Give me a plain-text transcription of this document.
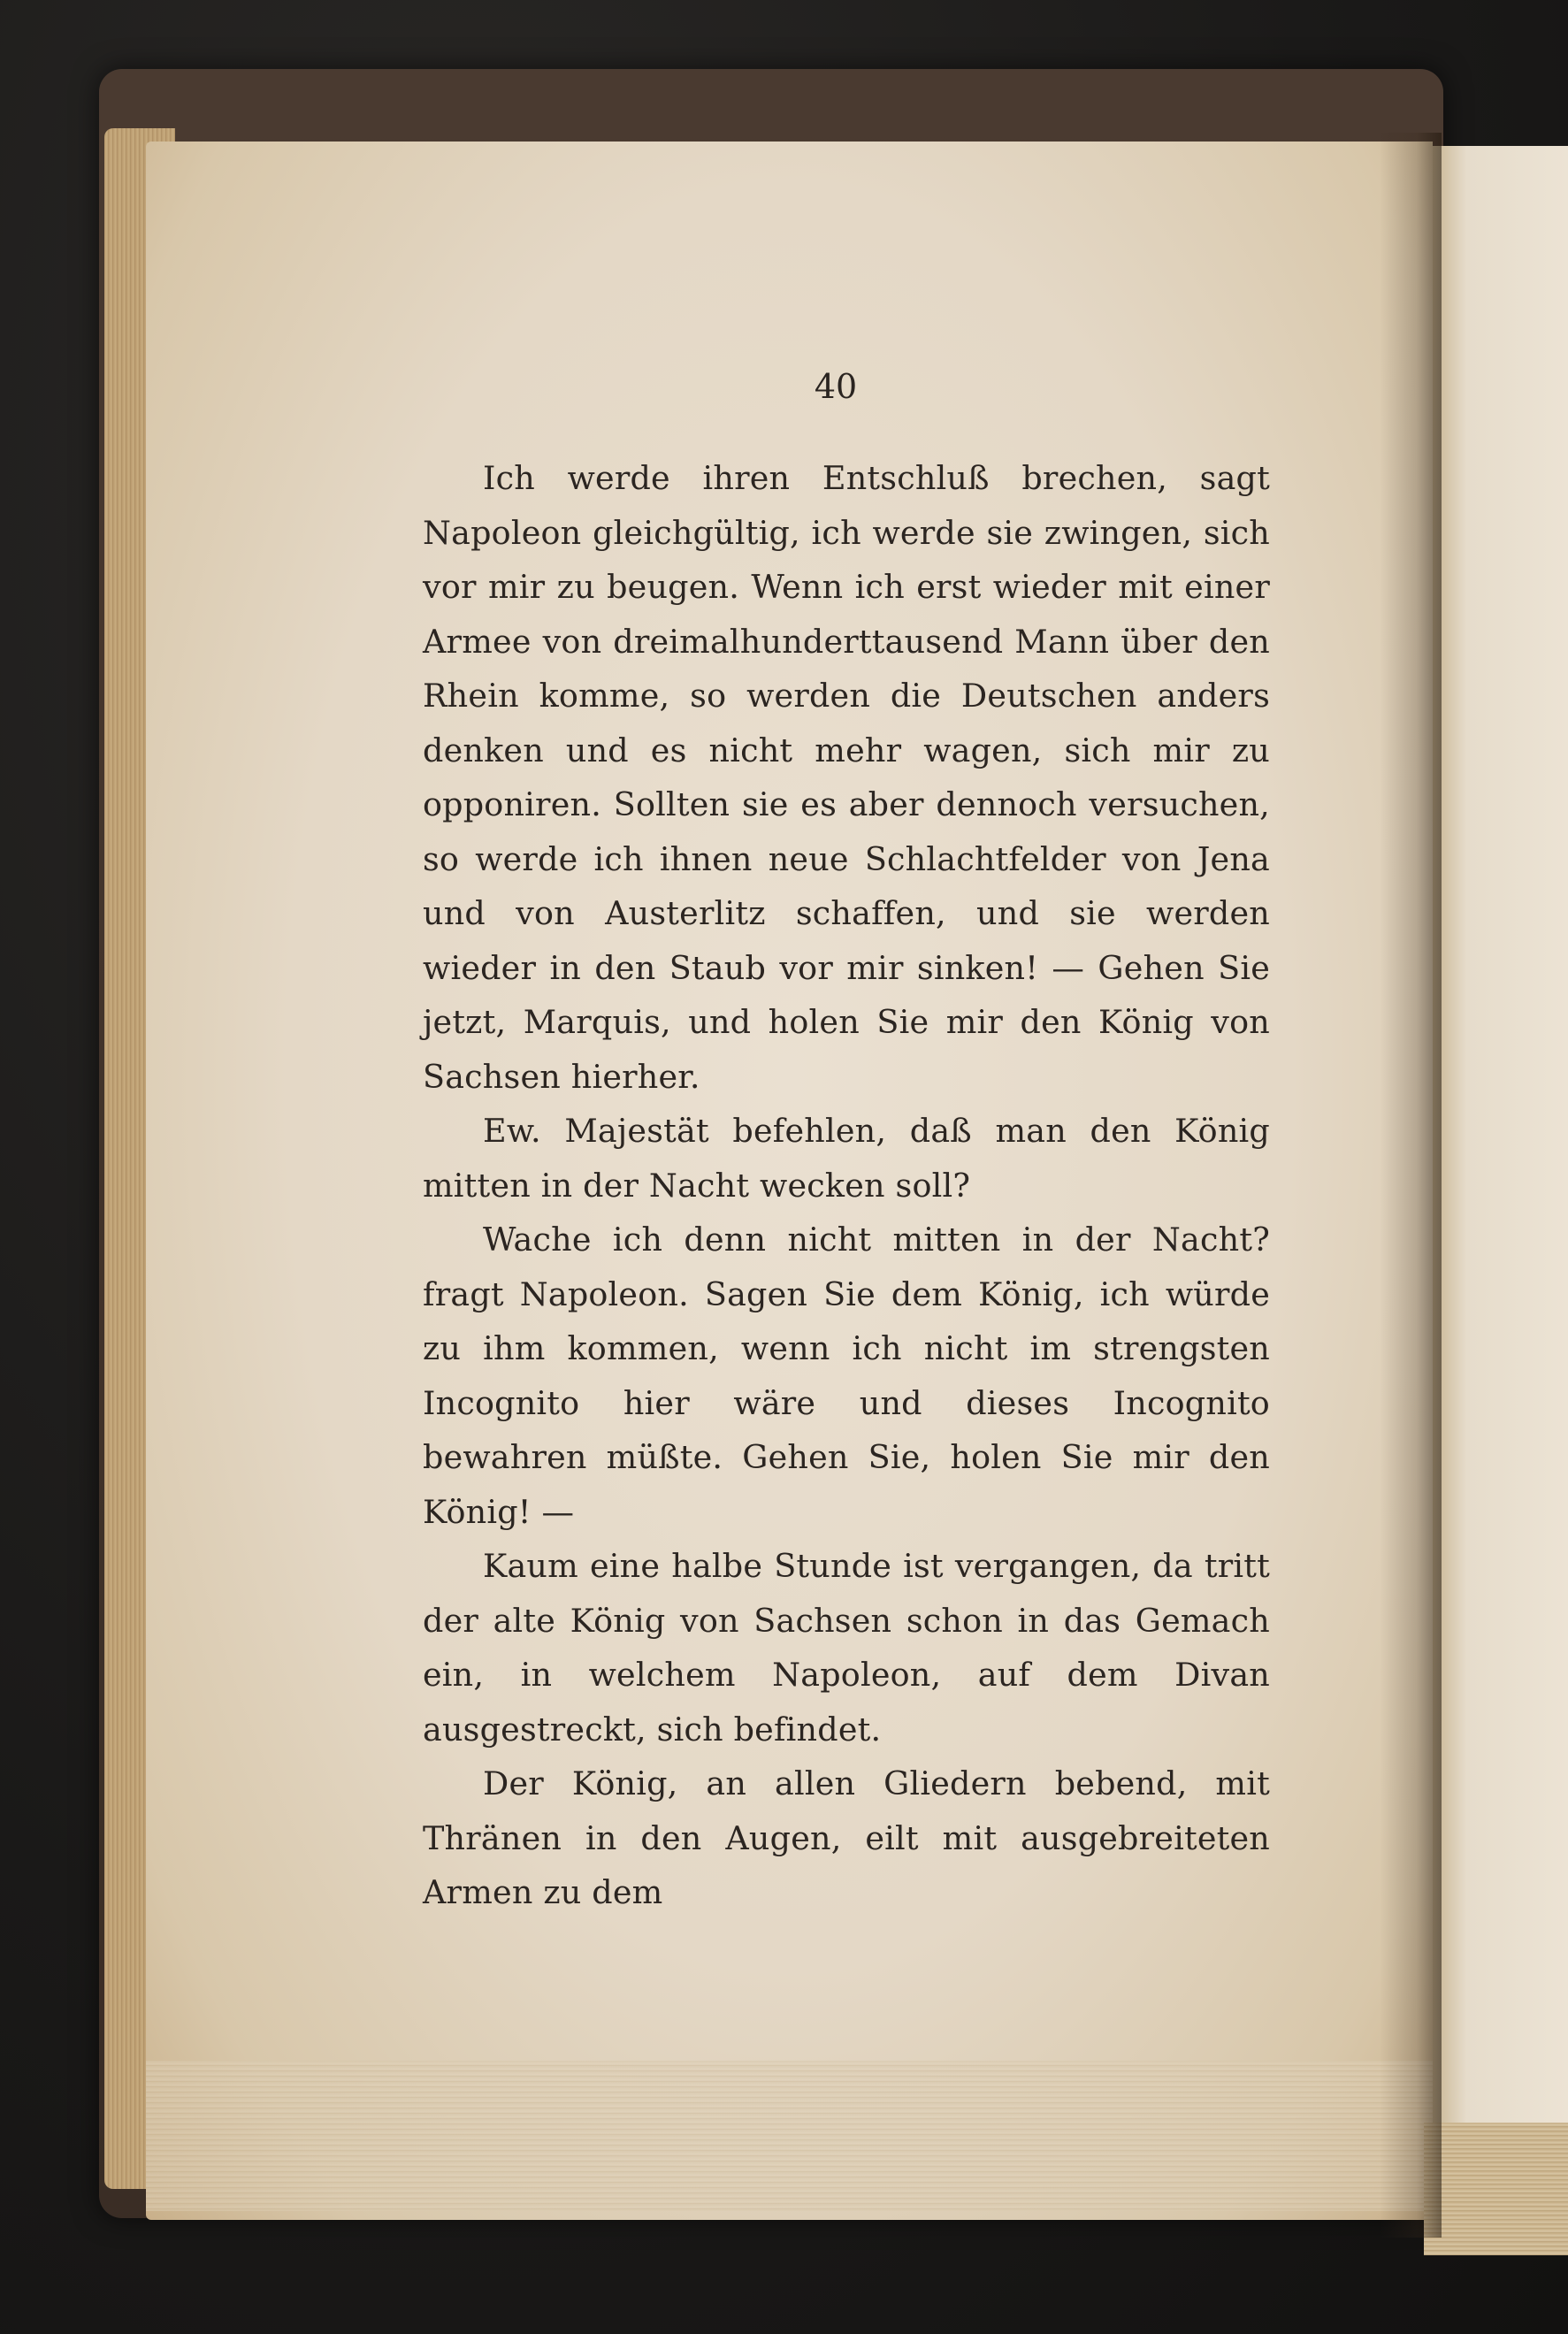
40

Ich werde ihren Entschluß brechen, sagt Napoleon gleichgültig, ich werde sie zwingen, sich vor mir zu beugen. Wenn ich erst wieder mit einer Armee von dreimalhunderttausend Mann über den Rhein komme, so werden die Deutschen anders denken und es nicht mehr wagen, sich mir zu opponiren. Sollten sie es aber dennoch versuchen, so werde ich ihnen neue Schlachtfelder von Jena und von Austerlitz schaffen, und sie werden wieder in den Staub vor mir sinken! — Gehen Sie jetzt, Marquis, und holen Sie mir den König von Sachsen hierher.

Ew. Majestät befehlen, daß man den König mitten in der Nacht wecken soll?

Wache ich denn nicht mitten in der Nacht? fragt Napoleon. Sagen Sie dem König, ich würde zu ihm kommen, wenn ich nicht im strengsten Incognito hier wäre und dieses Incognito bewahren müßte. Gehen Sie, holen Sie mir den König! —

Kaum eine halbe Stunde ist vergangen, da tritt der alte König von Sachsen schon in das Gemach ein, in welchem Napoleon, auf dem Divan ausgestreckt, sich befindet.

Der König, an allen Gliedern bebend, mit Thränen in den Augen, eilt mit ausgebreiteten Armen zu dem
